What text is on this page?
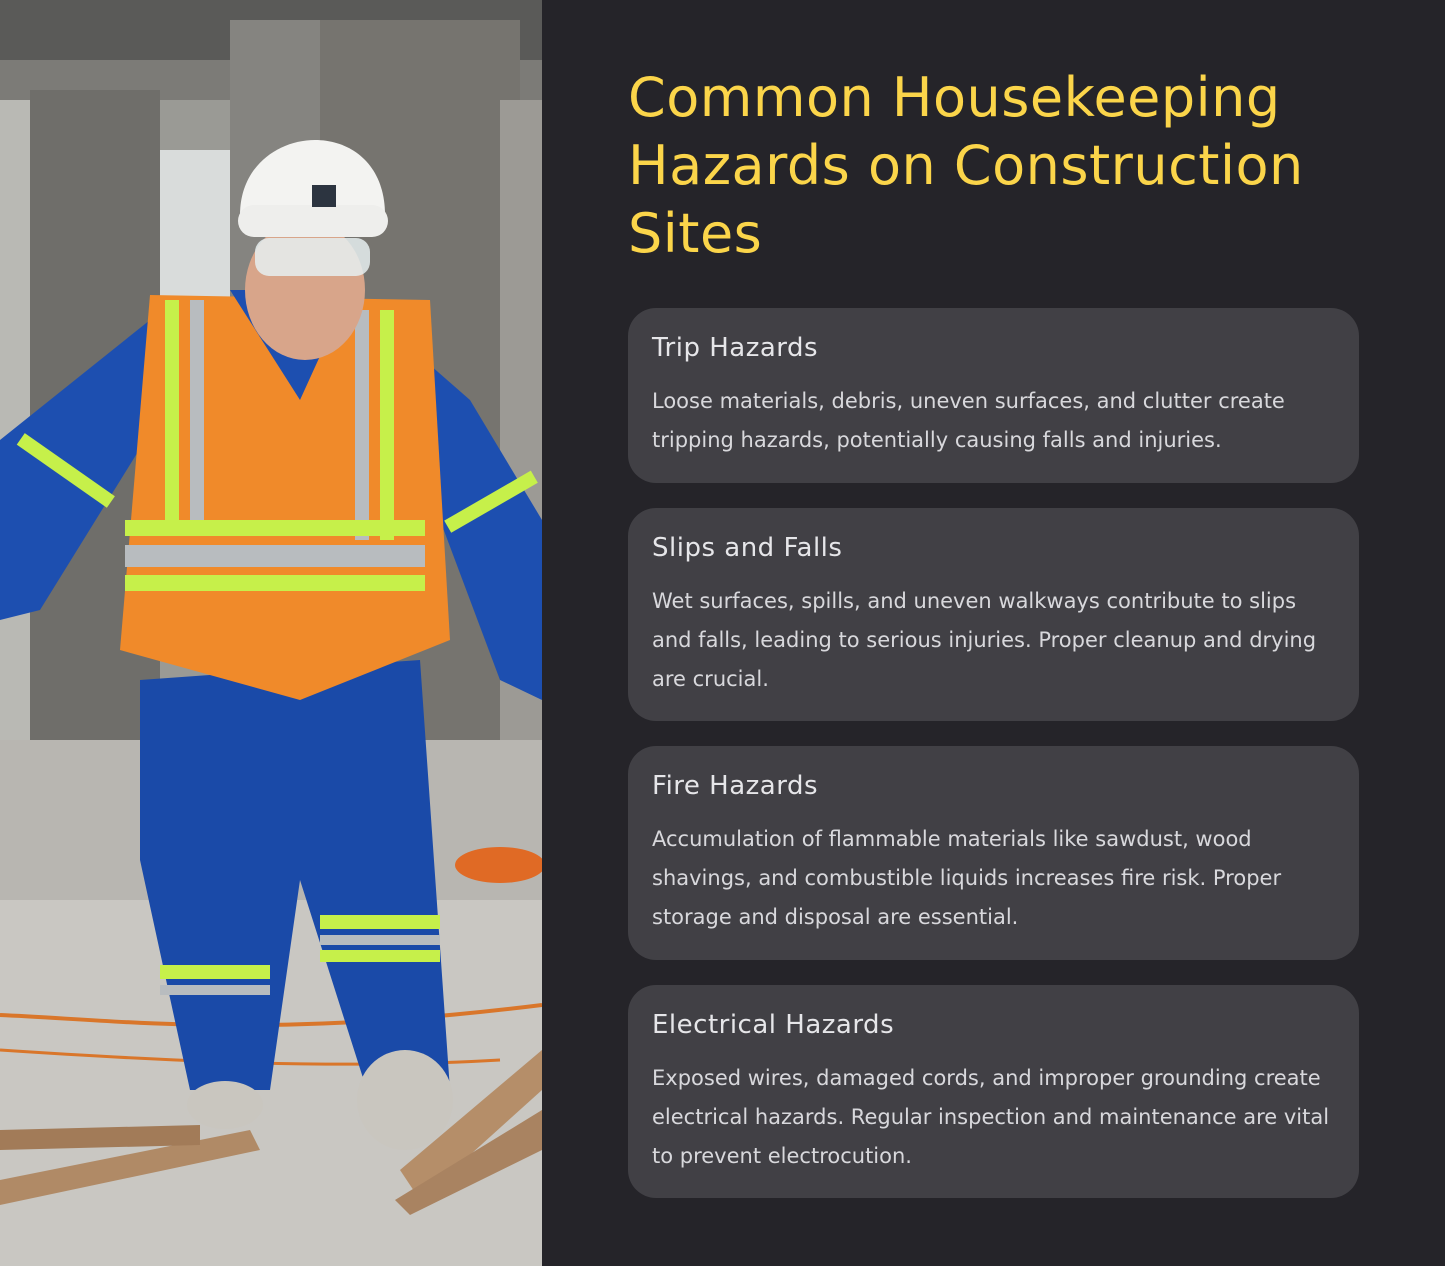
Common Housekeeping Hazards on Construction Sites
Trip Hazards

Loose materials, debris, uneven surfaces, and clutter create tripping hazards, potentially causing falls and injuries.

Slips and Falls

Wet surfaces, spills, and uneven walkways contribute to slips and falls, leading to serious injuries. Proper cleanup and drying are crucial.

Fire Hazards

Accumulation of flammable materials like sawdust, wood shavings, and combustible liquids increases fire risk. Proper storage and disposal are essential.

Electrical Hazards

Exposed wires, damaged cords, and improper grounding create electrical hazards. Regular inspection and maintenance are vital to prevent electrocution.
